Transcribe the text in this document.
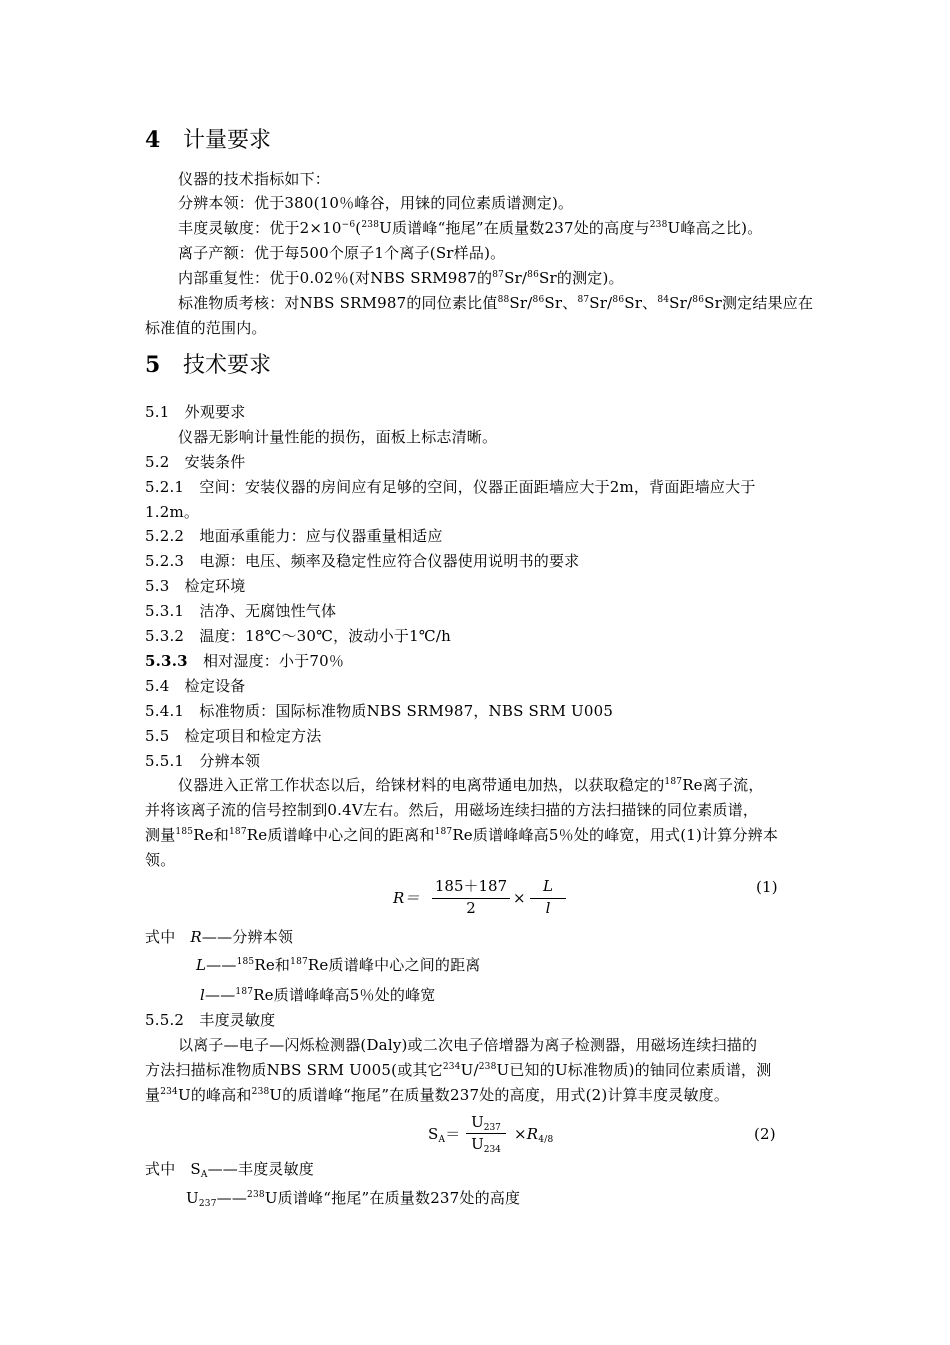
4 计量要求
仪器的技术指标如下：
分辨本领：优于380(10％峰谷，用铼的同位素质谱测定)。
丰度灵敏度：优于$2\times 10^{-6}(^{238}U$质谱峰“拖尾”在质量数237处的高度与$^{238}$U峰高之比)。
离子产额：优于每500个原子1个离子(Sr样品)。
内部重复性：优于0.02％(对NBS SRM987的$^{87}$Sr/$^{86}$Sr的测定)。
标准物质考核：对NBS SRM987的同位素比值$^{88}$Sr/$^{86}$Sr、$^{87}$Sr/$^{86}$Sr、$^{84}$Sr/$^{86}$Sr测定结果应在
标准值的范围内。
5 技术要求
5.1　外观要求
仪器无影响计量性能的损伤，面板上标志清晰。
5.2　安装条件
5.2.1　空间：安装仪器的房间应有足够的空间，仪器正面距墙应大于2m，背面距墙应大于
1.2m。
5.2.2　地面承重能力：应与仪器重量相适应
5.2.3　电源：电压、频率及稳定性应符合仪器使用说明书的要求
5.3　检定环境
5.3.1　洁净、无腐蚀性气体
5.3.2　温度：18℃～30℃，波动小于1℃/h
5.3.3　相对湿度：小于70％
5.4　检定设备
5.4.1　标准物质：国际标准物质NBS SRM987，NBS SRM U005
5.5　检定项目和检定方法
5.5.1　分辨本领
仪器进入正常工作状态以后，给铼材料的电离带通电加热，以获取稳定的$^{187}$Re离子流，
并将该离子流的信号控制到0.4V左右。然后，用磁场连续扫描的方法扫描铼的同位素质谱，
测量$^{185}$Re和$^{187}$Re质谱峰中心之间的距离和$^{187}$Re质谱峰峰高5％处的峰宽，用式(1)计算分辨本
领。
R＝
185＋187
2
×
L
l
(1)
式中 R——分辨本领
L——$^{185}$Re和$^{187}$Re质谱峰中心之间的距离
l——$^{187}$Re质谱峰峰高5％处的峰宽
5.5.2　丰度灵敏度
以离子—电子—闪烁检测器(Daly)或二次电子倍增器为离子检测器，用磁场连续扫描的
方法扫描标准物质NBS SRM U005(或其它$^{234}$U/$^{238}$U已知的U标准物质)的铀同位素质谱，测
量$^{234}$U的峰高和$^{238}$U的质谱峰“拖尾”在质量数237处的高度，用式(2)计算丰度灵敏度。
$S_A=$
$U_{237}$
$U_{234}$
$\times R_{4/8}$	(2)
式中 $S_A——$丰度灵敏度
$U_{237}——^{238}U$质谱峰“拖尾”在质量数237处的高度
